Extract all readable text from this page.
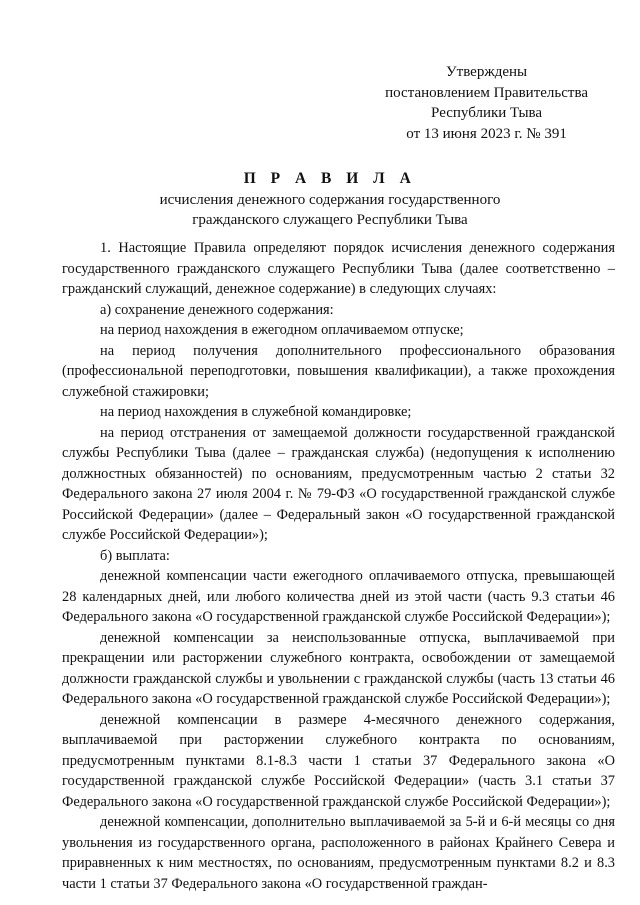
Утверждены
постановлением Правительства
Республики Тыва
от 13 июня 2023 г. № 391
П Р А В И Л А
исчисления денежного содержания государственного
гражданского служащего Республики Тыва

1. Настоящие Правила определяют порядок исчисления денежного содержания государственного гражданского служащего Республики Тыва (далее соответственно – гражданский служащий, денежное содержание) в следующих случаях:

а) сохранение денежного содержания:

на период нахождения в ежегодном оплачиваемом отпуске;

на период получения дополнительного профессионального образования (профессиональной переподготовки, повышения квалификации), а также прохождения служебной стажировки;

на период нахождения в служебной командировке;

на период отстранения от замещаемой должности государственной гражданской службы Республики Тыва (далее – гражданская служба) (недопущения к исполнению должностных обязанностей) по основаниям, предусмотренным частью 2 статьи 32 Федерального закона 27 июля 2004 г. № 79-ФЗ «О государственной гражданской службе Российской Федерации» (далее – Федеральный закон «О государственной гражданской службе Российской Федерации»);

б) выплата:

денежной компенсации части ежегодного оплачиваемого отпуска, превышающей 28 календарных дней, или любого количества дней из этой части (часть 9.3 статьи 46 Федерального закона «О государственной гражданской службе Российской Федерации»);

денежной компенсации за неиспользованные отпуска, выплачиваемой при прекращении или расторжении служебного контракта, освобождении от замещаемой должности гражданской службы и увольнении с гражданской службы (часть 13 статьи 46 Федерального закона «О государственной гражданской службе Российской Федерации»);

денежной компенсации в размере 4-месячного денежного содержания, выплачиваемой при расторжении служебного контракта по основаниям, предусмотренным пунктами 8.1-8.3 части 1 статьи 37 Федерального закона «О государственной гражданской службе Российской Федерации» (часть 3.1 статьи 37 Федерального закона «О государственной гражданской службе Российской Федерации»);

денежной компенсации, дополнительно выплачиваемой за 5-й и 6-й месяцы со дня увольнения из государственного органа, расположенного в районах Крайнего Севера и приравненных к ним местностях, по основаниям, предусмотренным пунктами 8.2 и 8.3 части 1 статьи 37 Федерального закона «О государственной граждан-
